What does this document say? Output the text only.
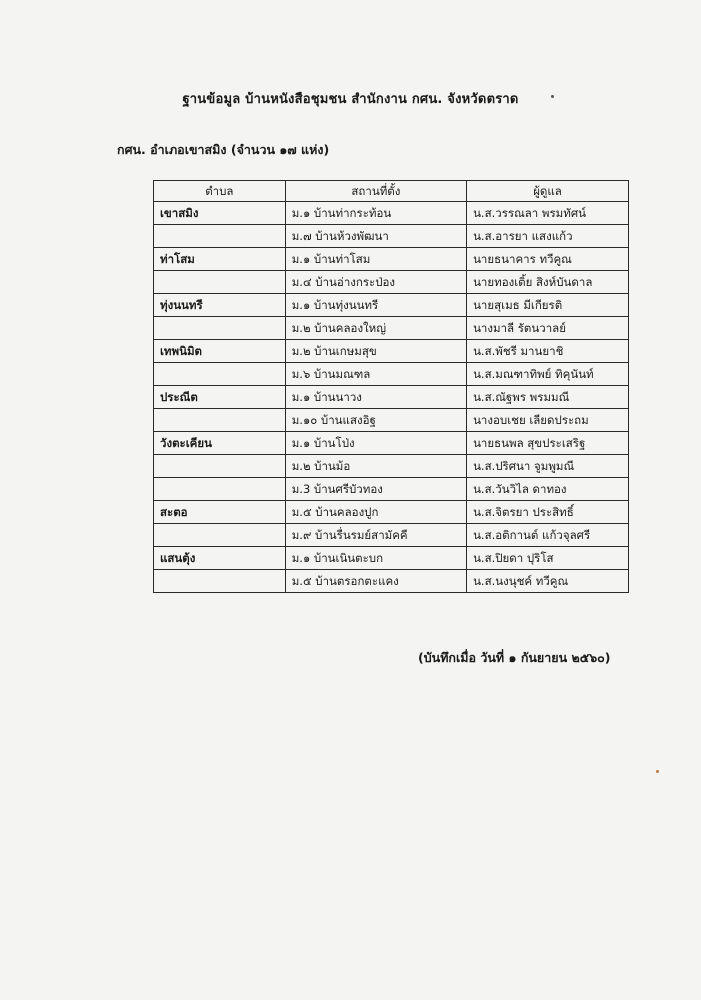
ฐานข้อมูล บ้านหนังสือชุมชน สำนักงาน กศน. จังหวัดตราด
กศน. อำเภอเขาสมิง (จำนวน ๑๗ แห่ง)
ตำบล	สถานที่ตั้ง	ผู้ดูแล
เขาสมิง	ม.๑ บ้านท่ากระท้อน	น.ส.วรรณลา พรมทัศน์
	ม.๗ บ้านห้วงพัฒนา	น.ส.อารยา แสงแก้ว
ท่าโสม	ม.๑ บ้านท่าโสม	นายธนาคาร ทวีคูณ
	ม.๔ บ้านอ่างกระป่อง	นายทองเติ้ย สิงห์บันดาล
ทุ่งนนทรี	ม.๑ บ้านทุ่งนนทรี	นายสุเมธ มีเกียรติ
	ม.๒ บ้านคลองใหญ่	นางมาลี รัตนวาลย์
เทพนิมิต	ม.๒ บ้านเกษมสุข	น.ส.พัชรี มานยาชิ
	ม.๖ บ้านมณฑล	น.ส.มณฑาทิพย์ ทิคุนันท์
ประณีต	ม.๑ บ้านนาวง	น.ส.ณัฐพร พรมมณี
	ม.๑๐ บ้านแสงอิฐ	นางอบเชย เลียดประถม
วังตะเคียน	ม.๑ บ้านโป่ง	นายธนพล สุขประเสริฐ
	ม.๒ บ้านม้อ	น.ส.ปริศนา จูมพูมณี
	ม.3 บ้านศรีบัวทอง	น.ส.วันวิไล ดาทอง
สะตอ	ม.๕ บ้านคลองปูก	น.ส.จิตรยา ประสิทธิ์
	ม.๙ บ้านรื่นรมย์สามัคคี	น.ส.อติกานต์ แก้วจุลศรี
แสนตุ้ง	ม.๑ บ้านเนินตะบก	น.ส.ปิยดา ปุริโส
	ม.๕ บ้านตรอกตะแคง	น.ส.นงนุชค์ ทวีคูณ
(บันทึกเมื่อ วันที่ ๑ กันยายน ๒๕๖๐)
